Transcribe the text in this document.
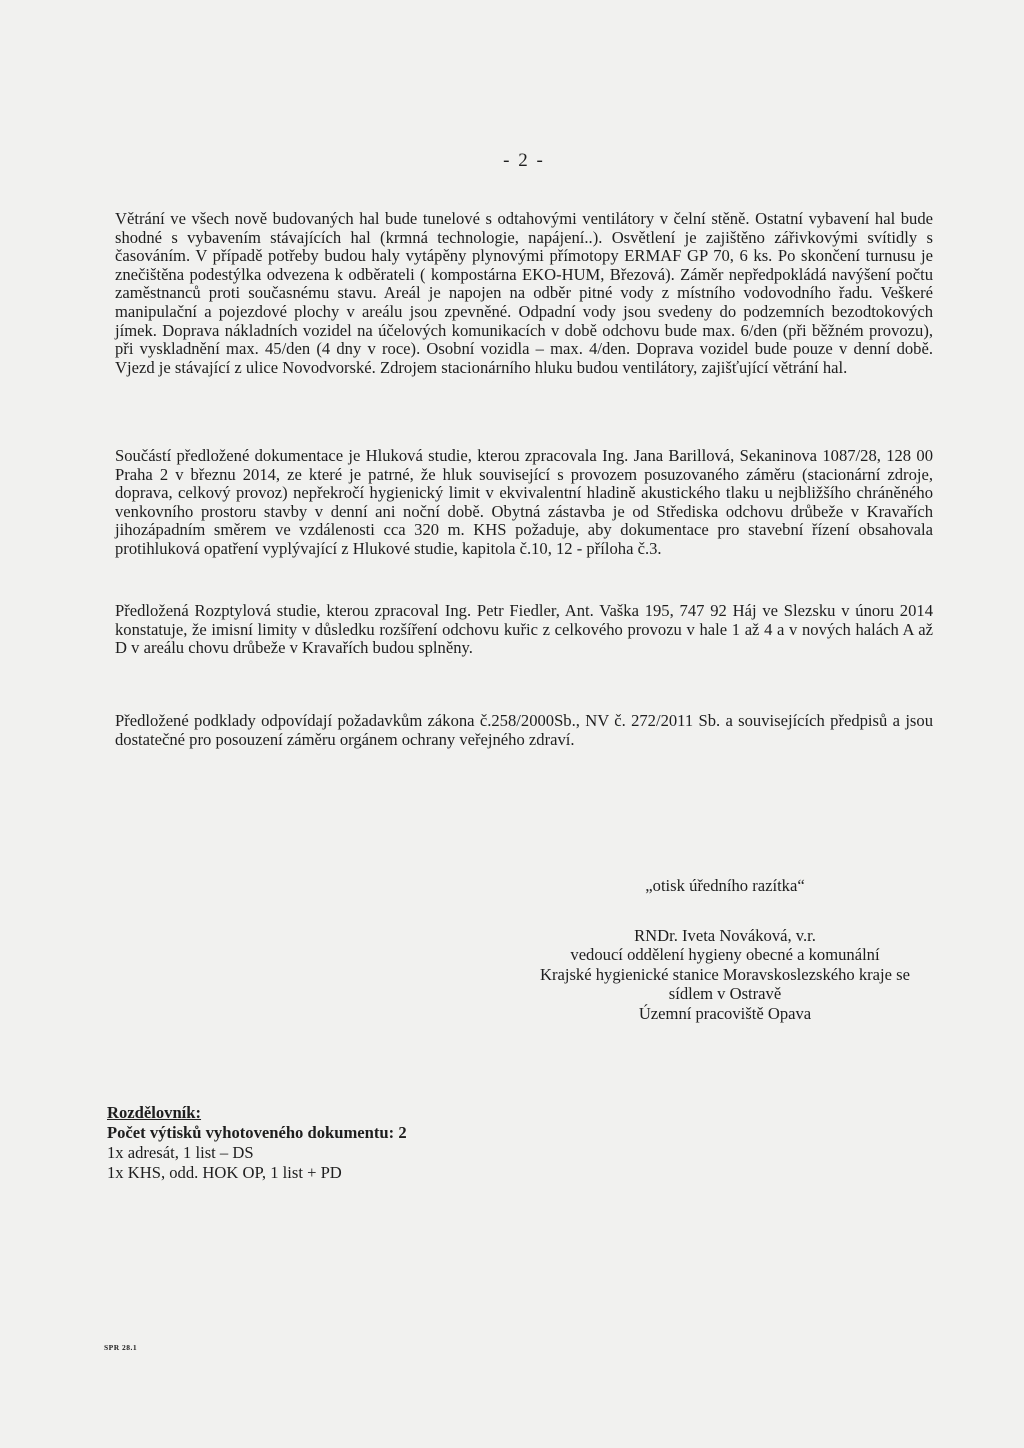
- 2 -

Větrání ve všech nově budovaných hal bude tunelové s odtahovými ventilátory v čelní stěně. Ostatní vybavení hal bude shodné s vybavením stávajících hal (krmná technologie, napájení..). Osvětlení je zajištěno zářivkovými svítidly s časováním. V případě potřeby budou haly vytápěny plynovými přímotopy ERMAF GP 70, 6 ks. Po skončení turnusu je znečištěna podestýlka odvezena k odběrateli ( kompostárna EKO-HUM, Březová). Záměr nepředpokládá navýšení počtu zaměstnanců proti současnému stavu. Areál je napojen na odběr pitné vody z místního vodovodního řadu. Veškeré manipulační a pojezdové plochy v areálu jsou zpevněné. Odpadní vody jsou svedeny do podzemních bezodtokových jímek. Doprava nákladních vozidel na účelových komunikacích v době odchovu bude max. 6/den (při běžném provozu), při vyskladnění max. 45/den (4 dny v roce). Osobní vozidla – max. 4/den. Doprava vozidel bude pouze v denní době. Vjezd je stávající z ulice Novodvorské. Zdrojem stacionárního hluku budou ventilátory, zajišťující větrání hal.

Součástí předložené dokumentace je Hluková studie, kterou zpracovala Ing. Jana Barillová, Sekaninova 1087/28, 128 00 Praha 2 v březnu 2014, ze které je patrné, že hluk související s provozem posuzovaného záměru (stacionární zdroje, doprava, celkový provoz) nepřekročí hygienický limit v ekvivalentní hladině akustického tlaku u nejbližšího chráněného venkovního prostoru stavby v denní ani noční době. Obytná zástavba je od Střediska odchovu drůbeže v Kravařích jihozápadním směrem ve vzdálenosti cca 320 m. KHS požaduje, aby dokumentace pro stavební řízení obsahovala protihluková opatření vyplývající z Hlukové studie, kapitola č.10, 12 - příloha č.3.

Předložená Rozptylová studie, kterou zpracoval Ing. Petr Fiedler, Ant. Vaška 195, 747 92 Háj ve Slezsku v únoru 2014 konstatuje, že imisní limity v důsledku rozšíření odchovu kuřic z celkového provozu v hale 1 až 4 a v nových halách A až D v areálu chovu drůbeže v Kravařích budou splněny.

Předložené podklady odpovídají požadavkům zákona č.258/2000Sb., NV č. 272/2011 Sb. a souvisejících předpisů a jsou dostatečné pro posouzení záměru orgánem ochrany veřejného zdraví.

„otisk úředního razítka“
RNDr. Iveta Nováková, v.r.
vedoucí oddělení hygieny obecné a komunální
Krajské hygienické stanice Moravskoslezského kraje se
sídlem v Ostravě
Územní pracoviště Opava
Rozdělovník:
Počet výtisků vyhotoveného dokumentu: 2
1x adresát, 1 list – DS
1x KHS, odd. HOK OP, 1 list + PD
SPR 28.1
